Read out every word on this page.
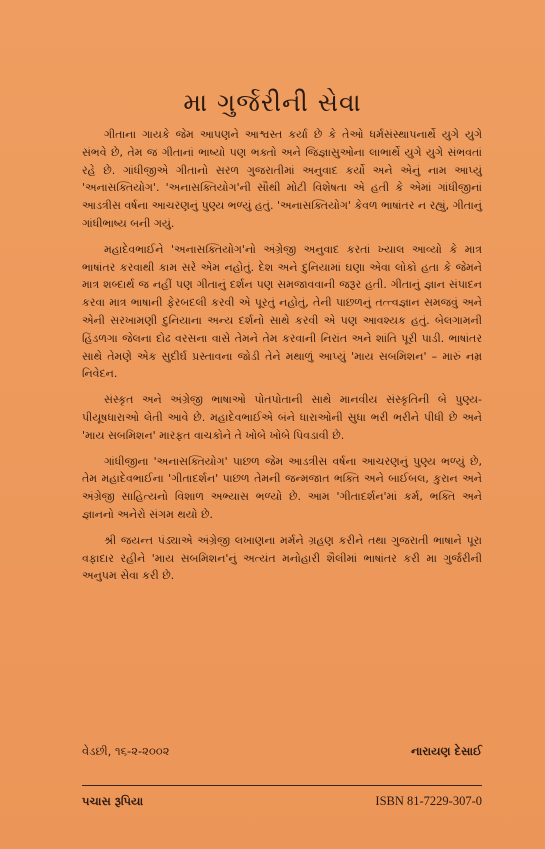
મા ગુર્જરીની સેવા

ગીતાના ગાયકે જેમ આપણને આશ્વસ્ત કર્યા છે કે તેઓ ધર્મસંસ્થાપનાર્થે યુગે યુગે સંભવે છે, તેમ જ ગીતાનાં ભાષ્યો પણ ભક્તો અને જિજ્ઞાસુઓના લાભાર્થે યુગે યુગે સંભવતાં રહે છે. ગાંધીજીએ ગીતાનો સરળ ગુજરાતીમાં અનુવાદ કર્યો અને એનું નામ આપ્યું 'અનાસક્તિયોગ'. 'અનાસક્તિયોગ'ની સૌથી મોટી વિશેષતા એ હતી કે એમાં ગાંધીજીનાં આડત્રીસ વર્ષના આચરણનું પુણ્ય ભળ્યું હતું. 'અનાસક્તિયોગ' કેવળ ભાષાંતર ન રહ્યું, ગીતાનું ગાંધીભાષ્ય બની ગયું.

મહાદેવભાઈને 'અનાસક્તિયોગ'નો અંગ્રેજી અનુવાદ કરતાં ખ્યાલ આવ્યો કે માત્ર ભાષાંતર કરવાથી કામ સરે એમ નહોતું. દેશ અને દુનિયામાં ઘણા એવા લોકો હતા કે જેમને માત્ર શબ્દાર્થ જ નહીં પણ ગીતાનું દર્શન પણ સમજાવવાની જરૂર હતી. ગીતાનું જ્ઞાન સંપાદન કરવા માત્ર ભાષાની ફેરબદલી કરવી એ પૂરતું નહોતું, તેની પાછળનું તત્ત્વજ્ઞાન સમજવું અને એની સરખામણી દુનિયાના અન્ય દર્શનો સાથે કરવી એ પણ આવશ્યક હતું. બેલગામની હિંડળગા જેલના દોઢ વરસના વાસે તેમને તેમ કરવાની નિરાંત અને શાંતિ પૂરી પાડી. ભાષાંતર સાથે તેમણે એક સુદીર્ઘ પ્રસ્તાવના જોડી તેને મથાળું આપ્યું 'માય સબમિશન' – મારું નમ્ર નિવેદન.

સંસ્કૃત અને અંગ્રેજી ભાષાઓ પોતપોતાની સાથે માનવીય સંસ્કૃતિની બે પુણ્ય-પીયૂષધારાઓ લેતી આવે છે. મહાદેવભાઈએ બંને ધારાઓની સુધા ભરી ભરીને પીધી છે અને 'માય સબમિશન' મારફત વાચકોને તે ખોબે ખોબે પિવડાવી છે.

ગાંધીજીના 'અનાસક્તિયોગ' પાછળ જેમ આડત્રીસ વર્ષના આચરણનું પુણ્ય ભળ્યું છે, તેમ મહાદેવભાઈના 'ગીતાદર્શન' પાછળ તેમની જન્મજાત ભક્તિ અને બાઈબલ, કુરાન અને અંગ્રેજી સાહિત્યનો વિશાળ અભ્યાસ ભળ્યો છે. આમ 'ગીતાદર્શન'માં કર્મ, ભક્તિ અને જ્ઞાનનો અનેરો સંગમ થયો છે.

શ્રી જયન્ત પંડ્યાએ અંગ્રેજી લખાણના મર્મને ગ્રહણ કરીને તથા ગુજરાતી ભાષાને પૂરા વફાદાર રહીને 'માય સબમિશન'નું અત્યંત મનોહારી શૈલીમાં ભાષાંતર કરી મા ગુર્જરીની અનુપમ સેવા કરી છે.

વેડછી, ૧૬-૨-૨૦૦૨	નારાયણ દેસાઈ
પચાસ રૂપિયા	ISBN 81-7229-307-0
